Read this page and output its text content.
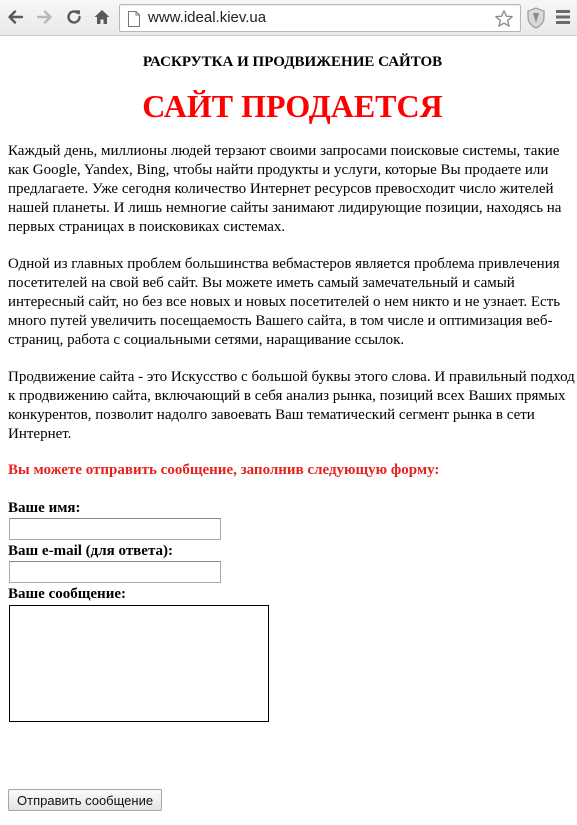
www.ideal.kiev.ua
РАСКРУТКА И ПРОДВИЖЕНИЕ САЙТОВ
САЙТ ПРОДАЕТСЯ

Каждый день, миллионы людей терзают своими запросами поисковые системы, такие как Google, Yandex, Bing, чтобы найти продукты и услуги, которые Вы продаете или предлагаете. Уже сегодня количество Интернет ресурсов превосходит число жителей нашей планеты. И лишь немногие сайты занимают лидирующие позиции, находясь на первых страницах в поисковиках системах.

Одной из главных проблем большинства вебмастеров является проблема привлечения посетителей на свой веб сайт. Вы можете иметь самый замечательный и самый интересный сайт, но без все новых и новых посетителей о нем никто и не узнает. Есть много путей увеличить посещаемость Вашего сайта, в том числе и оптимизация веб-страниц, работа с социальными сетями, наращивание ссылок.

Продвижение сайта - это Искусство с большой буквы этого слова. И правильный подход к продвижению сайта, включающий в себя анализ рынка, позиций всех Вашиx прямых конкурентов, позволит надолго завоевать Ваш тематический сегмент рынка в сети Интернет.

Вы можете отправить сообщение, заполнив следующую форму:

Ваше имя:
Ваш e-mail (для ответа):
Ваше сообщение:
Отправить сообщение
